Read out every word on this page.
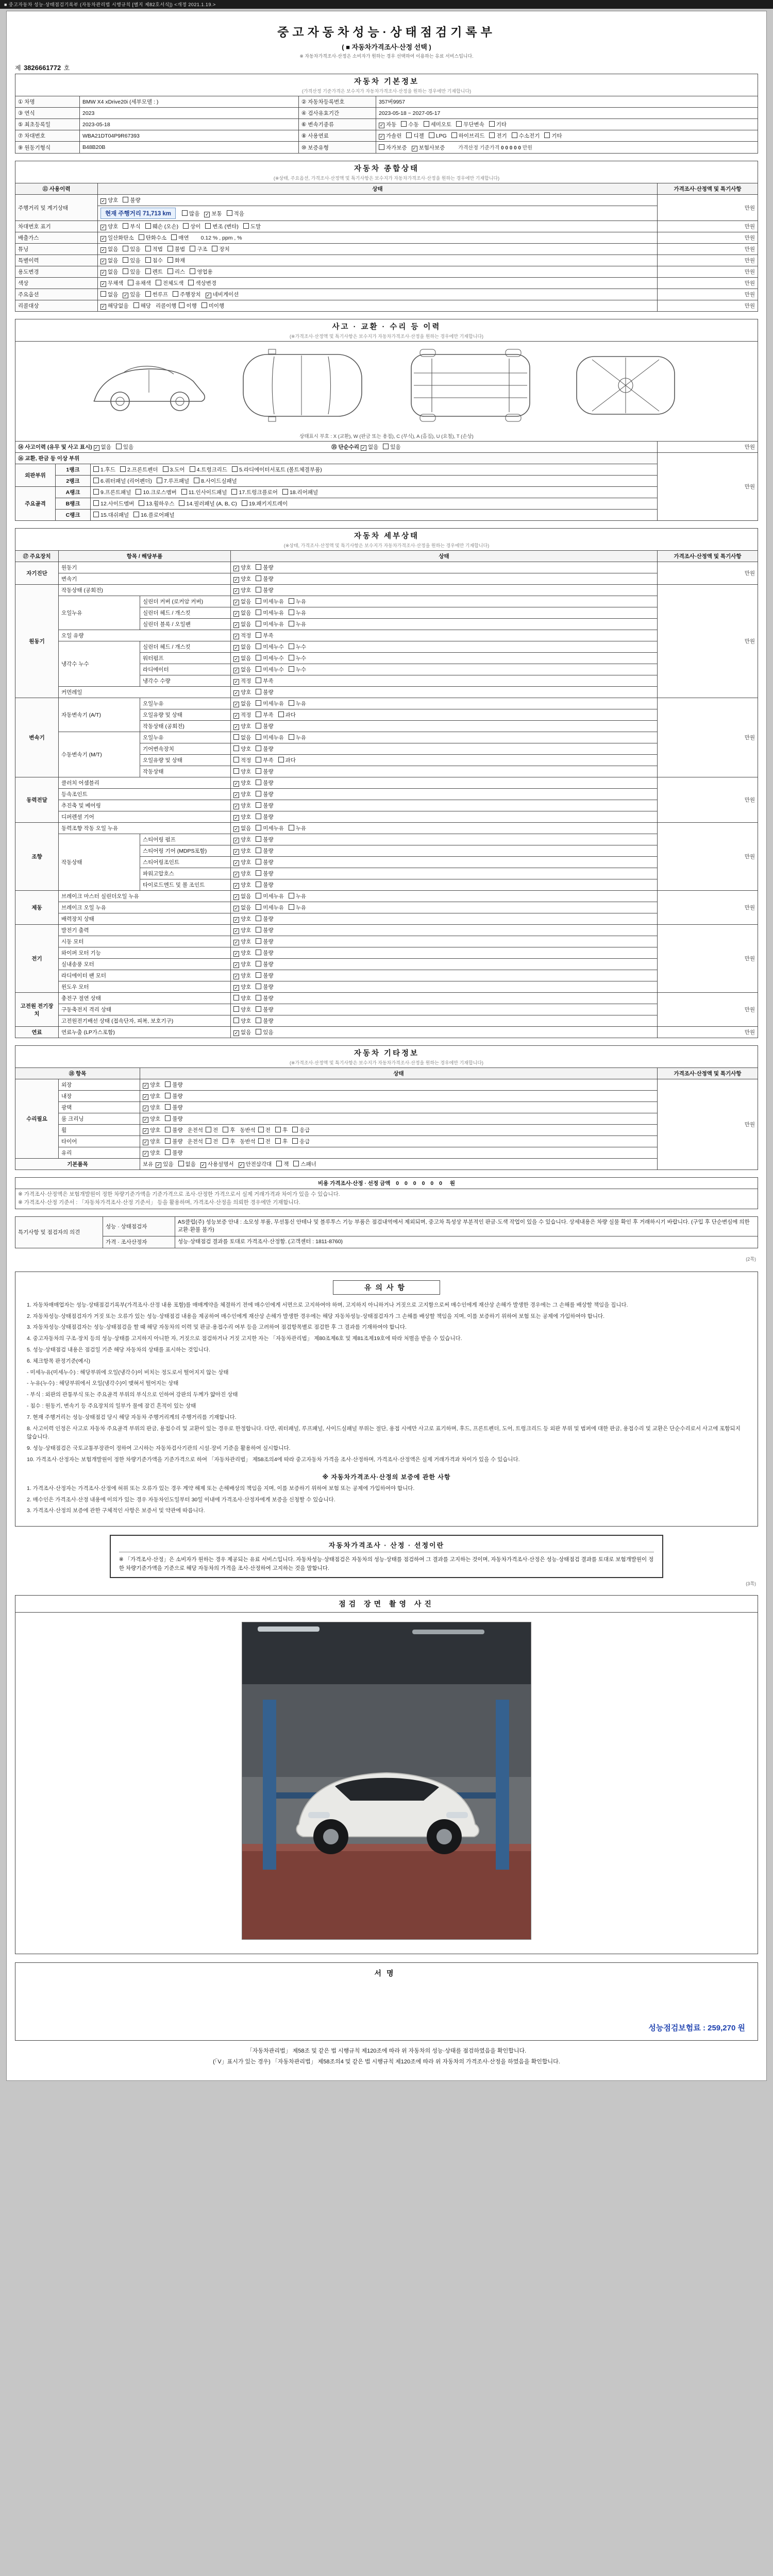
■ 중고자동차 성능·상태점검기록부 (자동차관리법 시행규칙 [별지 제82호서식]) <개정 2021.1.19.>
중고자동차성능·상태점검기록부
( ■ 자동차가격조사·산정 선택 )
※ 자동차가격조사·산정은 소비자가 원하는 경우 선택하여 이용하는 유료 서비스입니다.
제 3826661772 호
자동차 기본정보
(가격산정 기준가격은 보수지가 자동차가격조사·산정을 원하는 경우에만 기재합니다)			

① 차명	BMW X4 xDrive20i (세부모델 : )	② 자동차등록번호	357버9957
③ 연식	2023	④ 검사유효기간	2023-05-18 ~ 2027-05-17
⑤ 최초등록일	2023-05-18	⑥ 변속기종류	✓ 자동 수동 세미오토 무단변속 기타
⑦ 차대번호	WBA21DT04P9R67393	⑧ 사용연료	✓ 가솔린 디젤 LPG 하이브리드 전기 수소전기 기타
⑨ 원동기형식	B48B20B	⑩ 보증유형	자가보증 ✓ 보험사보증 가격산정 기준가격 0 0 0 0 0 만원
자동차 종합상태
(※상태, 주요옵션, 가격조사·산정액 및 특기사항은 보수지가 자동차가격조사·산정을 원하는 경우에만 기재합니다)		

⑪ 사용이력	상태	가격조사·산정액 및 특기사항
주행거리 및 계기상태	✓ 양호 불량	만원
	현재 주행거리 71,713 km 많음 ✓ 보통 적음	
차대번호 표기	✓ 양호 부식 훼손 (오손) 상이 변조 (변타) 도말	만원
배출가스	✓ 일산화탄소 탄화수소 매연 0.12 % , ppm , %	만원
튜닝	✓ 없음 있음 적법 불법 구조 장치	만원
특별이력	✓ 없음 있음 침수 화재	만원
용도변경	✓ 없음 있음 렌트 리스 영업용	만원
색상	✓ 무채색 유채색 전체도색 색상변경	만원
주요옵션	없음 ✓ 있음 썬루프 주행장치 ✓ 네비게이션	만원
리콜대상	✓ 해당없음 해당 리콜이행 이행 미이행	만원
사고 · 교환 · 수리 등 이력
(※가격조사·산정액 및 특기사항은 보수지가 자동차가격조사·산정을 원하는 경우에만 기재합니다)			

상태표시 부호 : X (교환), W (판금 또는 용접), C (부식), A (흠집), U (요철), T (손상)			

⑭ 사고이력 (유무 및 사고 표시) ✓ 없음 있음 ⑮ 단순수리 ✓ 없음 있음			만원
⑯ 교환, 판금 등 이상 부위			만원
외판부위	1랭크	1.후드 2.프론트펜더 3.도어 4.트렁크리드 5.라디에이터서포트 (볼트체결부품)	
	2랭크	6.쿼터패널 (리어펜더) 7.루프패널 8.사이드실패널	
주요골격	A랭크	9.프론트패널 10.크로스멤버 11.인사이드패널 17.트렁크플로어 18.리어패널	
	B랭크	12.사이드멤버 13.휠하우스 14.필러패널 (A, B, C) 19.패키지트레이	
	C랭크	15.대쉬패널 16.플로어패널	
자동차 세부상태
(※상태, 가격조사·산정액 및 특기사항은 보수지가 자동차가격조사·산정을 원하는 경우에만 기재합니다)				

⑰ 주요장치	항목 / 해당부품		상태	가격조사·산정액 및 특기사항
자기진단	원동기		✓ 양호 불량	만원
	변속기		✓ 양호 불량	
원동기	작동상태 (공회전)		✓ 양호 불량	만원
	오일누유	실린더 커버 (로커암 커버)	✓ 없음 미세누유 누유	
		실린더 헤드 / 개스킷	✓ 없음 미세누유 누유	
		실린더 블록 / 오일팬	✓ 없음 미세누유 누유	
	오일 유량		✓ 적정 부족	
	냉각수 누수	실린더 헤드 / 개스킷	✓ 없음 미세누수 누수	
		워터펌프	✓ 없음 미세누수 누수	
		라디에이터	✓ 없음 미세누수 누수	
		냉각수 수량	✓ 적정 부족	
	커먼레일		✓ 양호 불량	
변속기	자동변속기 (A/T)	오일누유	✓ 없음 미세누유 누유	만원
		오일유량 및 상태	✓ 적정 부족 과다	
		작동상태 (공회전)	✓ 양호 불량	
	수동변속기 (M/T)	오일누유	없음 미세누유 누유	
		기어변속장치	양호 불량	
		오일유량 및 상태	적정 부족 과다	
		작동상태	양호 불량	
동력전달	클러치 어셈블리		✓ 양호 불량	만원
	등속조인트		✓ 양호 불량	
	추진축 및 베어링		✓ 양호 불량	
	디퍼렌셜 기어		✓ 양호 불량	
조향	동력조향 작동 오일 누유		✓ 없음 미세누유 누유	만원
	작동상태	스티어링 펌프	✓ 양호 불량	
		스티어링 기어 (MDPS포함)	✓ 양호 불량	
		스티어링조인트	✓ 양호 불량	
		파워고압호스	✓ 양호 불량	
		타이로드엔드 및 볼 조인트	✓ 양호 불량	
제동	브레이크 마스터 실린더오일 누유		✓ 없음 미세누유 누유	만원
	브레이크 오일 누유		✓ 없음 미세누유 누유	
	배력장치 상태		✓ 양호 불량	
전기	발전기 출력		✓ 양호 불량	만원
	시동 모터		✓ 양호 불량	
	와이퍼 모터 기능		✓ 양호 불량	
	실내송풍 모터		✓ 양호 불량	
	라디에이터 팬 모터		✓ 양호 불량	
	윈도우 모터		✓ 양호 불량	
고전원 전기장치	충전구 절연 상태		양호 불량	만원
	구동축전지 격리 상태		양호 불량	
	고전원전기배선 상태 (접속단자, 피복, 보호기구)		양호 불량	
연료	연료누출 (LP가스포함)		✓ 없음 있음	만원
자동차 기타정보
(※가격조사·산정액 및 특기사항은 보수지가 자동차가격조사·산정을 원하는 경우에만 기재합니다)			

⑱ 항목		상태	가격조사·산정액 및 특기사항
수리필요	외장	✓ 양호 불량	만원
	내장	✓ 양호 불량	
	광택	✓ 양호 불량	
	룸 크리닝	✓ 양호 불량	
	휠	✓ 양호 불량 운전석 전 후 동반석 전 후 응급	
	타이어	✓ 양호 불량 운전석 전 후 동반석 전 후 응급	
	유리	✓ 양호 불량	
기본품목		보유 ✓ 있음 없음 ✓ 사용설명서 ✓ 안전삼각대 잭 스패너	
비용 가격조사·산정 · 선정 금액 0 0 0 0 0 0 원

※ 가격조사·산정액은 보험개발원이 정한 차량기준가액을 기준가격으로 조사·산정한 가격으로서 실제 거래가격과 차이가 있을 수 있습니다.
※ 가격조사·산정 기준서 : 「자동차가격조사·산정 기준서」 등을 활용하며, 가격조사·산정을 의뢰한 경우에만 기재합니다.
특기사항 및 점검자의 의견	성능 · 상태점검자	AS클럽(주) 성능보증 안내 : 소모성 부품, 무선통신 안테나 및 블루투스 기능 부품은 점검내역에서 제외되며, 중고차 특성상 부분적인 판금·도색 작업이 있을 수 있습니다. 상세내용은 차량 실물 확인 후 거래하시기 바랍니다. (구입 후 단순변심에 의한 교환·환불 불가)
	가격 · 조사산정자	성능·상태점검 결과를 토대로 가격조사·산정함. (고객센터 : 1811-8760)
(2쪽)
유의사항

1. 자동차매매업자는 성능·상태점검기록부(가격조사·산정 내용 포함)를 매매계약을 체결하기 전에 매수인에게 서면으로 고지하여야 하며, 고지하지 아니하거나 거짓으로 고지함으로써 매수인에게 재산상 손해가 발생한 경우에는 그 손해를 배상할 책임을 집니다.

2. 자동차성능·상태점검자가 거짓 또는 오류가 있는 성능·상태점검 내용을 제공하여 매수인에게 재산상 손해가 발생한 경우에는 해당 자동차성능·상태점검자가 그 손해를 배상할 책임을 지며, 이를 보증하기 위하여 보험 또는 공제에 가입하여야 합니다.

3. 자동차성능·상태점검자는 성능·상태점검을 할 때 해당 자동차의 이력 및 판금·용접수리 여부 등을 고려하여 점검항목별로 점검한 후 그 결과를 기재하여야 합니다.

4. 중고자동차의 구조·장치 등의 성능·상태를 고지하지 아니한 자, 거짓으로 점검하거나 거짓 고지한 자는 「자동차관리법」 제80조제6호 및 제81조제19호에 따라 처벌을 받을 수 있습니다.

5. 성능·상태점검 내용은 점검일 기준 해당 자동차의 상태를 표시하는 것입니다.

6. 체크항목 판정기준(예시)

- 미세누유(미세누수) : 해당부위에 오일(냉각수)이 비치는 정도로서 떨어지지 않는 상태

- 누유(누수) : 해당부위에서 오일(냉각수)이 맺혀서 떨어지는 상태

- 부식 : 외판의 관통부식 또는 주요골격 부위의 부식으로 인하여 강판의 두께가 얇아진 상태

- 침수 : 원동기, 변속기 등 주요장치의 일부가 물에 잠긴 흔적이 있는 상태

7. 현재 주행거리는 성능·상태점검 당시 해당 자동차 주행거리계의 주행거리를 기재합니다.

8. 사고이력 인정은 사고로 자동차 주요골격 부위의 판금, 용접수리 및 교환이 있는 경우로 한정합니다. 다만, 쿼터패널, 루프패널, 사이드실패널 부위는 절단, 용접 시에만 사고로 표기하며, 후드, 프론트펜더, 도어, 트렁크리드 등 외판 부위 및 범퍼에 대한 판금, 용접수리 및 교환은 단순수리로서 사고에 포함되지 않습니다.

9. 성능·상태점검은 국토교통부장관이 정하여 고시하는 자동차검사기관의 시설·장비 기준을 활용하여 실시합니다.

10. 가격조사·산정자는 보험개발원이 정한 차량기준가액을 기준가격으로 하여 「자동차관리법」 제58조의4에 따라 중고자동차 가격을 조사·산정하며, 가격조사·산정액은 실제 거래가격과 차이가 있을 수 있습니다.

※ 자동차가격조사·산정의 보증에 관한 사항

1. 가격조사·산정자는 가격조사·산정에 허위 또는 오류가 있는 경우 계약 해제 또는 손해배상의 책임을 지며, 이를 보증하기 위하여 보험 또는 공제에 가입하여야 합니다.

2. 매수인은 가격조사·산정 내용에 이의가 있는 경우 자동차인도일부터 30일 이내에 가격조사·산정자에게 보증을 신청할 수 있습니다.

3. 가격조사·산정의 보증에 관한 구체적인 사항은 보증서 및 약관에 따릅니다.

자동차가격조사 · 산정 · 선정이란
※ 「가격조사·산정」은 소비자가 원하는 경우 제공되는 유료 서비스입니다. 자동차성능·상태점검은 자동차의 성능·상태를 점검하여 그 결과를 고지하는 것이며, 자동차가격조사·산정은 성능·상태점검 결과를 토대로 보험개발원이 정한 차량기준가액을 기준으로 해당 자동차의 가격을 조사·산정하여 고지하는 것을 말합니다.
(3쪽)
점검 장면 촬영 사진
서명
성능점검보험료 : 259,270 원
「자동차관리법」 제58조 및 같은 법 시행규칙 제120조에 따라 위 자동차의 성능·상태를 점검하였음을 확인합니다.
(「V」표시가 있는 경우) 「자동차관리법」 제58조의4 및 같은 법 시행규칙 제120조에 따라 위 자동차의 가격조사·산정을 하였음을 확인합니다.
